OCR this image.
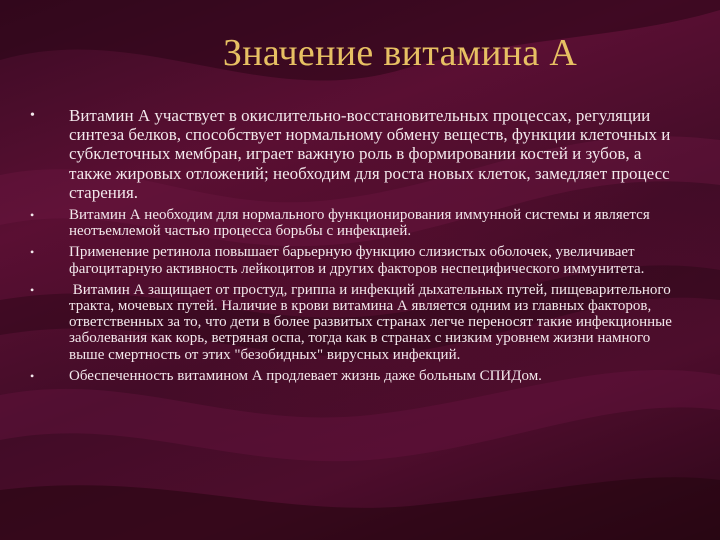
Значение витамина А
• Витамин А участвует в окислительно-восстановительных процессах, регуляции синтеза белков, способствует нормальному обмену веществ, функции клеточных и субклеточных мембран, играет важную роль в формировании костей и зубов, а также жировых отложений; необходим для роста новых клеток, замедляет процесс старения.
• Витамин А необходим для нормального функционирования иммунной системы и является неотъемлемой частью процесса борьбы с инфекцией.
• Применение ретинола повышает барьерную функцию слизистых оболочек, увеличивает фагоцитарную активность лейкоцитов и других факторов неспецифического иммунитета.
• Витамин А защищает от простуд, гриппа и инфекций дыхательных путей, пищеварительного тракта, мочевых путей. Наличие в крови витамина А является одним из главных факторов, ответственных за то, что дети в более развитых странах легче переносят такие инфекционные заболевания как корь, ветряная оспа, тогда как в странах с низким уровнем жизни намного выше смертность от этих "безобидных" вирусных инфекций.
• Обеспеченность витамином А продлевает жизнь даже больным СПИДом.
